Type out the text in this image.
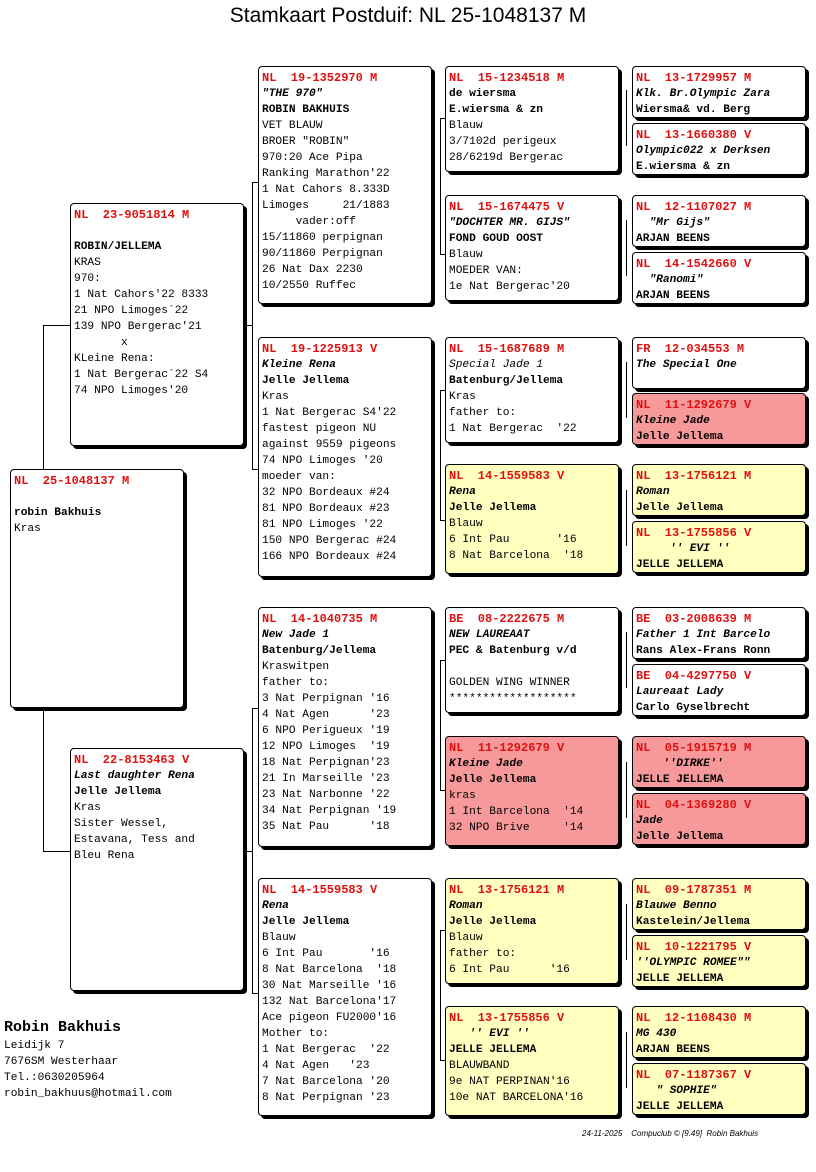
Stamkaart Postduif: NL 25-1048137 M
NL  25-1048137 M

robin Bakhuis
Kras
NL  23-9051814 M

ROBIN/JELLEMA
KRAS
970:
1 Nat Cahors'22 8333
21 NPO Limoges`22
139 NPO Bergerac'21
x
KLeine Rena:
1 Nat Bergerac`22 S4
74 NPO Limoges'20
NL  22-8153463 V
Last daughter Rena
Jelle Jellema
Kras
Sister Wessel,
Estavana, Tess and
Bleu Rena
NL  19-1352970 M
"THE 970"
ROBIN BAKHUIS
VET BLAUW
BROER "ROBIN"
970:20 Ace Pipa
Ranking Marathon'22
1 Nat Cahors 8.333D
Limoges     21/1883
vader:off
15/11860 perpignan
90/11860 Perpignan
26 Nat Dax 2230
10/2550 Ruffec
NL  19-1225913 V
Kleine Rena
Jelle Jellema
Kras
1 Nat Bergerac S4'22
fastest pigeon NU
against 9559 pigeons
74 NPO Limoges '20
moeder van:
32 NPO Bordeaux #24
81 NPO Bordeaux #23
81 NPO Limoges '22
150 NPO Bergerac #24
166 NPO Bordeaux #24
NL  14-1040735 M
New Jade 1
Batenburg/Jellema
Kraswitpen
father to:
3 Nat Perpignan '16
4 Nat Agen      '23
6 NPO Perigueux '19
12 NPO Limoges  '19
18 Nat Perpignan'23
21 In Marseille '23
23 Nat Narbonne '22
34 Nat Perpignan '19
35 Nat Pau      '18
NL  14-1559583 V
Rena
Jelle Jellema
Blauw
6 Int Pau       '16
8 Nat Barcelona  '18
30 Nat Marseille '16
132 Nat Barcelona'17
Ace pigeon FU2000'16
Mother to:
1 Nat Bergerac  '22
4 Nat Agen   '23
7 Nat Barcelona '20
8 Nat Perpignan '23
NL  15-1234518 M
de wiersma
E.wiersma & zn
Blauw
3/7102d perigeux
28/6219d Bergerac
NL  15-1674475 V
"DOCHTER MR. GIJS"
FOND GOUD OOST
Blauw
MOEDER VAN:
1e Nat Bergerac'20
NL  15-1687689 M
Special Jade 1
Batenburg/Jellema
Kras
father to:
1 Nat Bergerac  '22
NL  14-1559583 V
Rena
Jelle Jellema
Blauw
6 Int Pau       '16
8 Nat Barcelona  '18
BE  08-2222675 M
NEW LAUREAAT
PEC & Batenburg v/d

GOLDEN WING WINNER
*******************
NL  11-1292679 V
Kleine Jade
Jelle Jellema
kras
1 Int Barcelona  '14
32 NPO Brive     '14
NL  13-1756121 M
Roman
Jelle Jellema
Blauw
father to:
6 Int Pau      '16
NL  13-1755856 V
'' EVI ''
JELLE JELLEMA
BLAUWBAND
9e NAT PERPINAN'16
10e NAT BARCELONA'16
NL  13-1729957 M
Klk. Br.Olympic Zara
Wiersma& vd. Berg
NL  13-1660380 V
Olympic022 x Derksen
E.wiersma & zn
NL  12-1107027 M
"Mr Gijs"
ARJAN BEENS
NL  14-1542660 V
"Ranomi"
ARJAN BEENS
FR  12-034553 M
The Special One

NL  11-1292679 V
Kleine Jade
Jelle Jellema
NL  13-1756121 M
Roman
Jelle Jellema
NL  13-1755856 V
'' EVI ''
JELLE JELLEMA
BE  03-2008639 M
Father 1 Int Barcelo
Rans Alex-Frans Ronn
BE  04-4297750 V
Laureaat Lady
Carlo Gyselbrecht
NL  05-1915719 M
''DIRKE''
JELLE JELLEMA
NL  04-1369280 V
Jade
Jelle Jellema
NL  09-1787351 M
Blauwe Benno
Kastelein/Jellema
NL  10-1221795 V
''OLYMPIC ROMEE""
JELLE JELLEMA
NL  12-1108430 M
MG 430
ARJAN BEENS
NL  07-1187367 V
" SOPHIE"
JELLE JELLEMA
Robin Bakhuis
Leidijk 7
7676SM Westerhaar
Tel.:0630205964
robin_bakhuus@hotmail.com
24-11-2025    Compuclub © [9.49]  Robin Bakhuis
